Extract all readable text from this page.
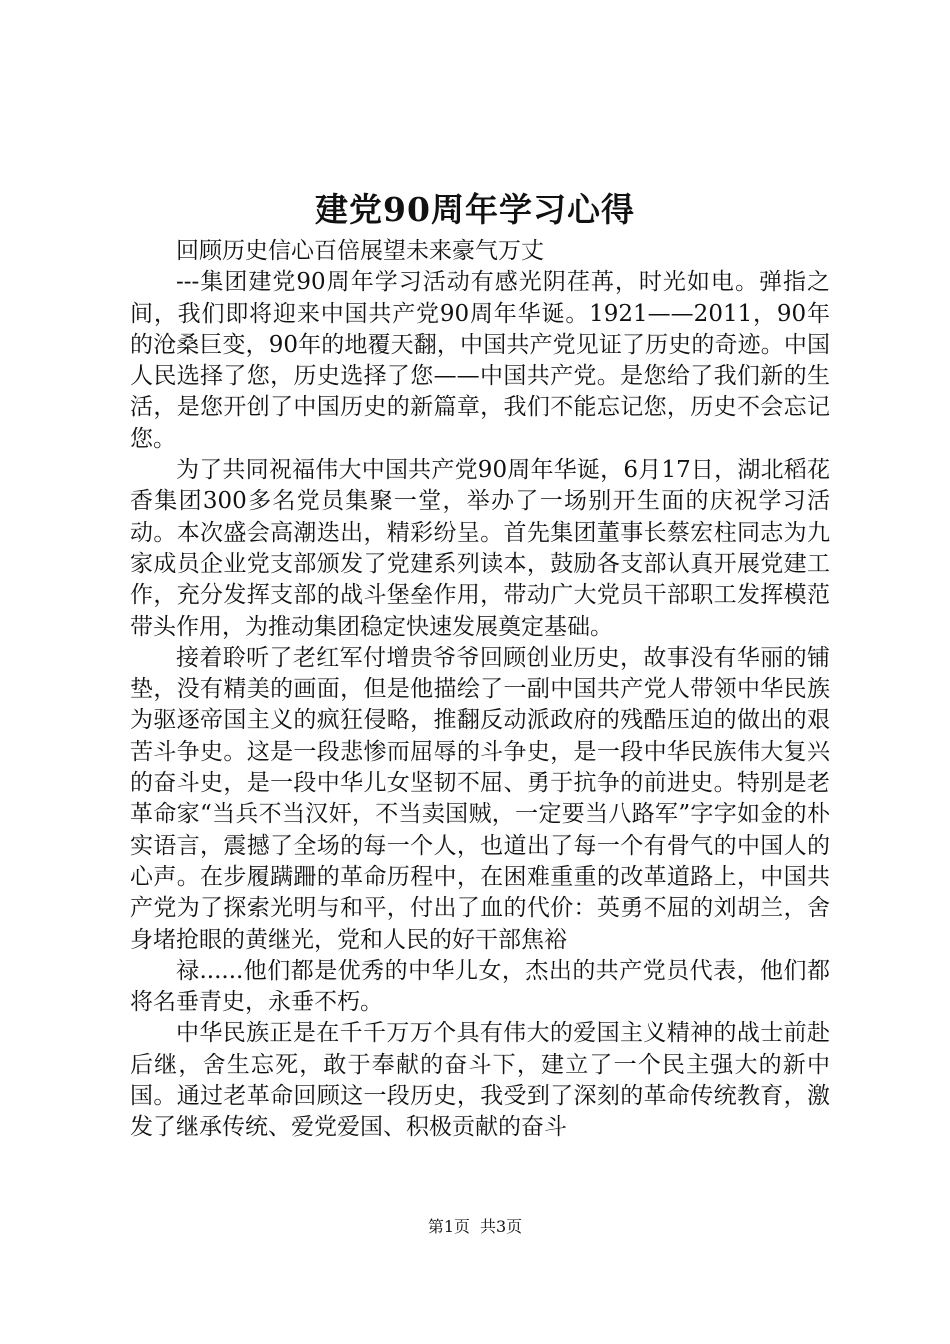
建党90周年学习心得

回顾历史信心百倍展望未来豪气万丈

---集团建党90周年学习活动有感光阴荏苒，时光如电。弹指之间，我们即将迎来中国共产党90周年华诞。1921——2011，90年的沧桑巨变，90年的地覆天翻，中国共产党见证了历史的奇迹。中国人民选择了您，历史选择了您——中国共产党。是您给了我们新的生活，是您开创了中国历史的新篇章，我们不能忘记您，历史不会忘记您。

为了共同祝福伟大中国共产党90周年华诞，6月17日，湖北稻花香集团300多名党员集聚一堂，举办了一场别开生面的庆祝学习活动。本次盛会高潮迭出，精彩纷呈。首先集团董事长蔡宏柱同志为九家成员企业党支部颁发了党建系列读本，鼓励各支部认真开展党建工作，充分发挥支部的战斗堡垒作用，带动广大党员干部职工发挥模范带头作用，为推动集团稳定快速发展奠定基础。

接着聆听了老红军付增贵爷爷回顾创业历史，故事没有华丽的铺垫，没有精美的画面，但是他描绘了一副中国共产党人带领中华民族为驱逐帝国主义的疯狂侵略，推翻反动派政府的残酷压迫的做出的艰苦斗争史。这是一段悲惨而屈辱的斗争史，是一段中华民族伟大复兴的奋斗史，是一段中华儿女坚韧不屈、勇于抗争的前进史。特别是老革命家“当兵不当汉奸，不当卖国贼，一定要当八路军”字字如金的朴实语言，震撼了全场的每一个人，也道出了每一个有骨气的中国人的心声。在步履蹒跚的革命历程中，在困难重重的改革道路上，中国共产党为了探索光明与和平，付出了血的代价：英勇不屈的刘胡兰，舍身堵抢眼的黄继光，党和人民的好干部焦裕

禄......他们都是优秀的中华儿女，杰出的共产党员代表，他们都将名垂青史，永垂不朽。

中华民族正是在千千万万个具有伟大的爱国主义精神的战士前赴后继，舍生忘死，敢于奉献的奋斗下，建立了一个民主强大的新中国。通过老革命回顾这一段历史，我受到了深刻的革命传统教育，激发了继承传统、爱党爱国、积极贡献的奋斗

第1页 共3页
